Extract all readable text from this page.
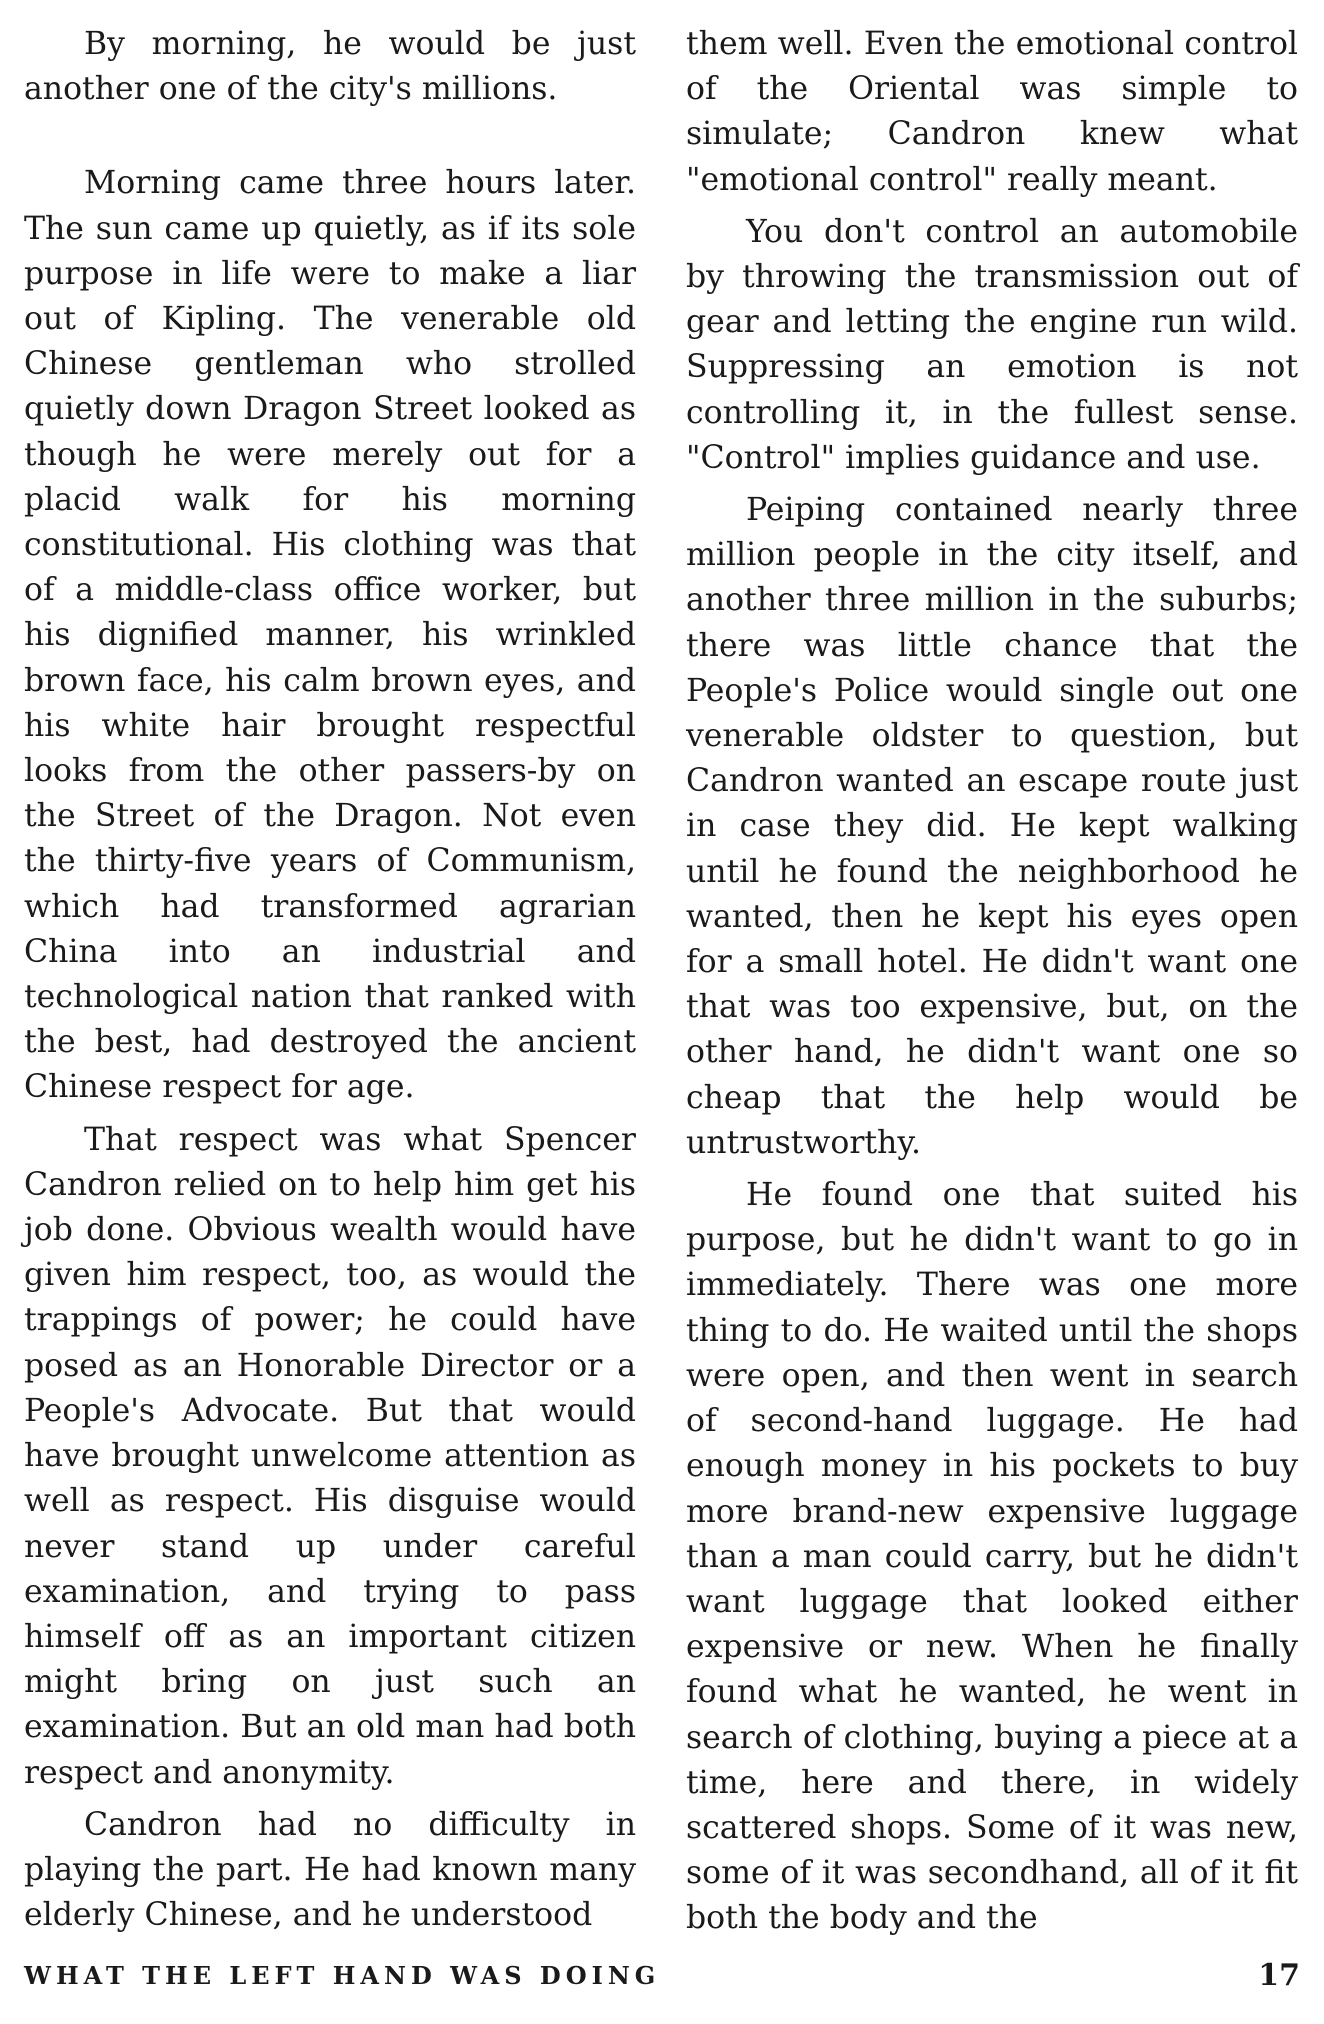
By morning, he would be just another one of the city's millions.

Morning came three hours later. The sun came up quietly, as if its sole purpose in life were to make a liar out of Kipling. The venerable old Chinese gentleman who strolled quietly down Dragon Street looked as though he were merely out for a placid walk for his morning constitutional. His clothing was that of a middle-class office worker, but his dignified manner, his wrinkled brown face, his calm brown eyes, and his white hair brought respectful looks from the other passers-by on the Street of the Dragon. Not even the thirty-five years of Communism, which had transformed agrarian China into an industrial and technological nation that ranked with the best, had destroyed the ancient Chinese respect for age.

That respect was what Spencer Candron relied on to help him get his job done. Obvious wealth would have given him respect, too, as would the trappings of power; he could have posed as an Honorable Director or a People's Advocate. But that would have brought unwelcome attention as well as respect. His disguise would never stand up under careful examination, and trying to pass himself off as an important citizen might bring on just such an examination. But an old man had both respect and anonymity.

Candron had no difficulty in playing the part. He had known many elderly Chinese, and he understood

them well. Even the emotional control of the Oriental was simple to simulate; Candron knew what "emotional control" really meant.

You don't control an automobile by throwing the transmission out of gear and letting the engine run wild. Suppressing an emotion is not controlling it, in the fullest sense. "Control" implies guidance and use.

Peiping contained nearly three million people in the city itself, and another three million in the suburbs; there was little chance that the People's Police would single out one venerable oldster to question, but Candron wanted an escape route just in case they did. He kept walking until he found the neighborhood he wanted, then he kept his eyes open for a small hotel. He didn't want one that was too expensive, but, on the other hand, he didn't want one so cheap that the help would be untrustworthy.

He found one that suited his purpose, but he didn't want to go in immediately. There was one more thing to do. He waited until the shops were open, and then went in search of second-hand luggage. He had enough money in his pockets to buy more brand-new expensive luggage than a man could carry, but he didn't want luggage that looked either expensive or new. When he finally found what he wanted, he went in search of clothing, buying a piece at a time, here and there, in widely scattered shops. Some of it was new, some of it was secondhand, all of it fit both the body and the

WHAT THE LEFT HAND WAS DOING	17
